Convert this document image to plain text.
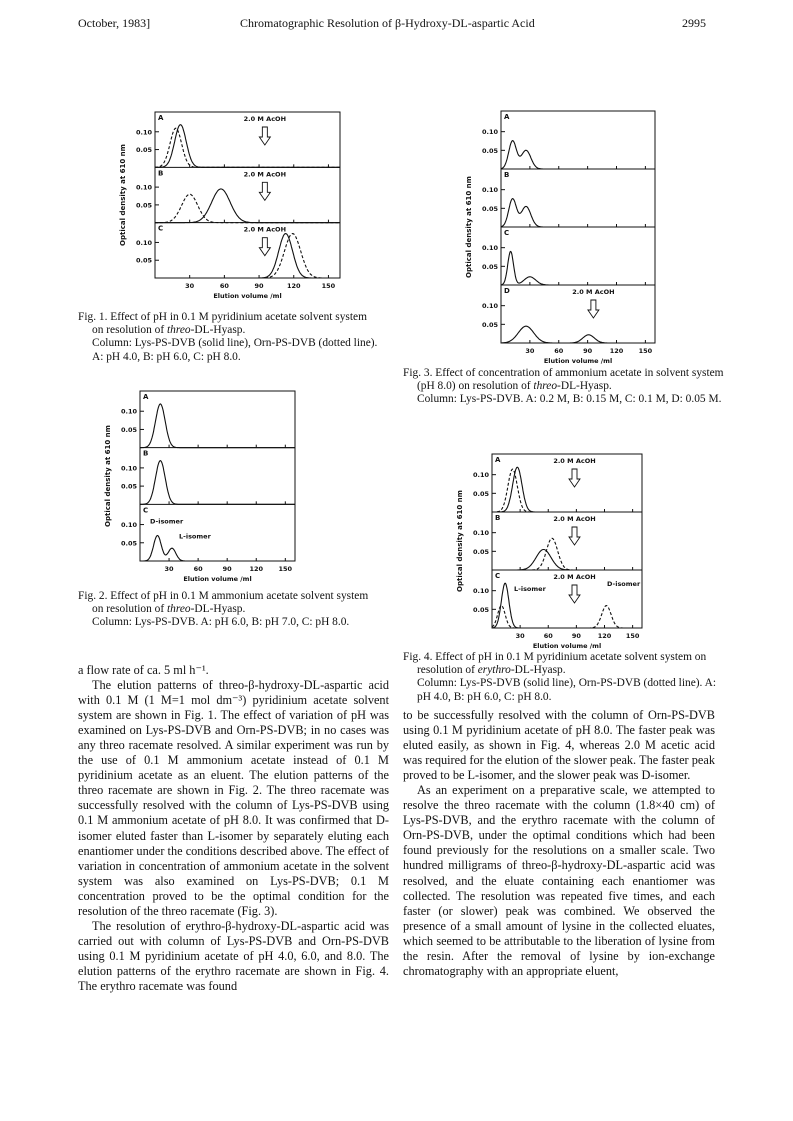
October, 1983]	Chromatographic Resolution of β-Hydroxy-DL-aspartic Acid	2995
Optical density at 610 nm
A
0.10
0.05
2.0 M AcOH
B
0.10
0.05
2.0 M AcOH
C
0.10
0.05
2.0 M AcOH
30	60	90	120	150
Elution volume /ml

Fig. 1. Effect of pH in 0.1 M pyridinium acetate solvent system on resolution of threo-DL-Hyasp.

Column: Lys-PS-DVB (solid line), Orn-PS-DVB (dotted line). A: pH 4.0, B: pH 6.0, C: pH 8.0.

Optical density at 610 nm
A
0.10
0.05
B
0.10
0.05
C
0.10
0.05
30	60	90	120 150
Elution volume /ml
D-isomer
L-isomer

Fig. 2. Effect of pH in 0.1 M ammonium acetate solvent system on resolution of threo-DL-Hyasp.

Column: Lys-PS-DVB. A: pH 6.0, B: pH 7.0, C: pH 8.0.

Optical density at 610 nm
A
0.10
0.05
B
0.10
0.05
C
0.10
0.05
D
0.10
0.05
2.0 M AcOH
30	60	90	120 150
Elution volume /ml

Fig. 3. Effect of concentration of ammonium acetate in solvent system (pH 8.0) on resolution of threo-DL-Hyasp.

Column: Lys-PS-DVB. A: 0.2 M, B: 0.15 M, C: 0.1 M, D: 0.05 M.

Optical density at 610 nm
A
0.10
0.05
2.0 M AcOH
B
0.10
0.05
2.0 M AcOH
C
0.10
0.05
2.0 M AcOH
30	60	90	120 150
Elution volume /ml
L-isomer
D-isomer

Fig. 4. Effect of pH in 0.1 M pyridinium acetate solvent system on resolution of erythro-DL-Hyasp.

Column: Lys-PS-DVB (solid line), Orn-PS-DVB (dotted line). A: pH 4.0, B: pH 6.0, C: pH 8.0.

a flow rate of ca. 5 ml h⁻¹.

The elution patterns of threo-β-hydroxy-DL-aspartic acid with 0.1 M (1 M=1 mol dm⁻³) pyridinium acetate solvent system are shown in Fig. 1. The effect of variation of pH was examined on Lys-PS-DVB and Orn-PS-DVB; in no cases was any threo racemate resolved. A similar experiment was run by the use of 0.1 M ammonium acetate instead of 0.1 M pyridinium acetate as an eluent. The elution patterns of the threo racemate are shown in Fig. 2. The threo racemate was successfully resolved with the column of Lys-PS-DVB using 0.1 M ammonium acetate of pH 8.0. It was confirmed that D-isomer eluted faster than L-isomer by separately eluting each enantiomer under the conditions described above. The effect of variation in concentration of ammonium acetate in the solvent system was also examined on Lys-PS-DVB; 0.1 M concentration proved to be the optimal condition for the resolution of the threo racemate (Fig. 3).

The resolution of erythro-β-hydroxy-DL-aspartic acid was carried out with column of Lys-PS-DVB and Orn-PS-DVB using 0.1 M pyridinium acetate of pH 4.0, 6.0, and 8.0. The elution patterns of the erythro racemate are shown in Fig. 4. The erythro racemate was found

to be successfully resolved with the column of Orn-PS-DVB using 0.1 M pyridinium acetate of pH 8.0. The faster peak was eluted easily, as shown in Fig. 4, whereas 2.0 M acetic acid was required for the elution of the slower peak. The faster peak proved to be L-isomer, and the slower peak was D-isomer.

As an experiment on a preparative scale, we attempted to resolve the threo racemate with the column (1.8×40 cm) of Lys-PS-DVB, and the erythro racemate with the column of Orn-PS-DVB, under the optimal conditions which had been found previously for the resolutions on a smaller scale. Two hundred milligrams of threo-β-hydroxy-DL-aspartic acid was resolved, and the eluate containing each enantiomer was collected. The resolution was repeated five times, and each faster (or slower) peak was combined. We observed the presence of a small amount of lysine in the collected eluates, which seemed to be attributable to the liberation of lysine from the resin. After the removal of lysine by ion-exchange chromatography with an appropriate eluent,
